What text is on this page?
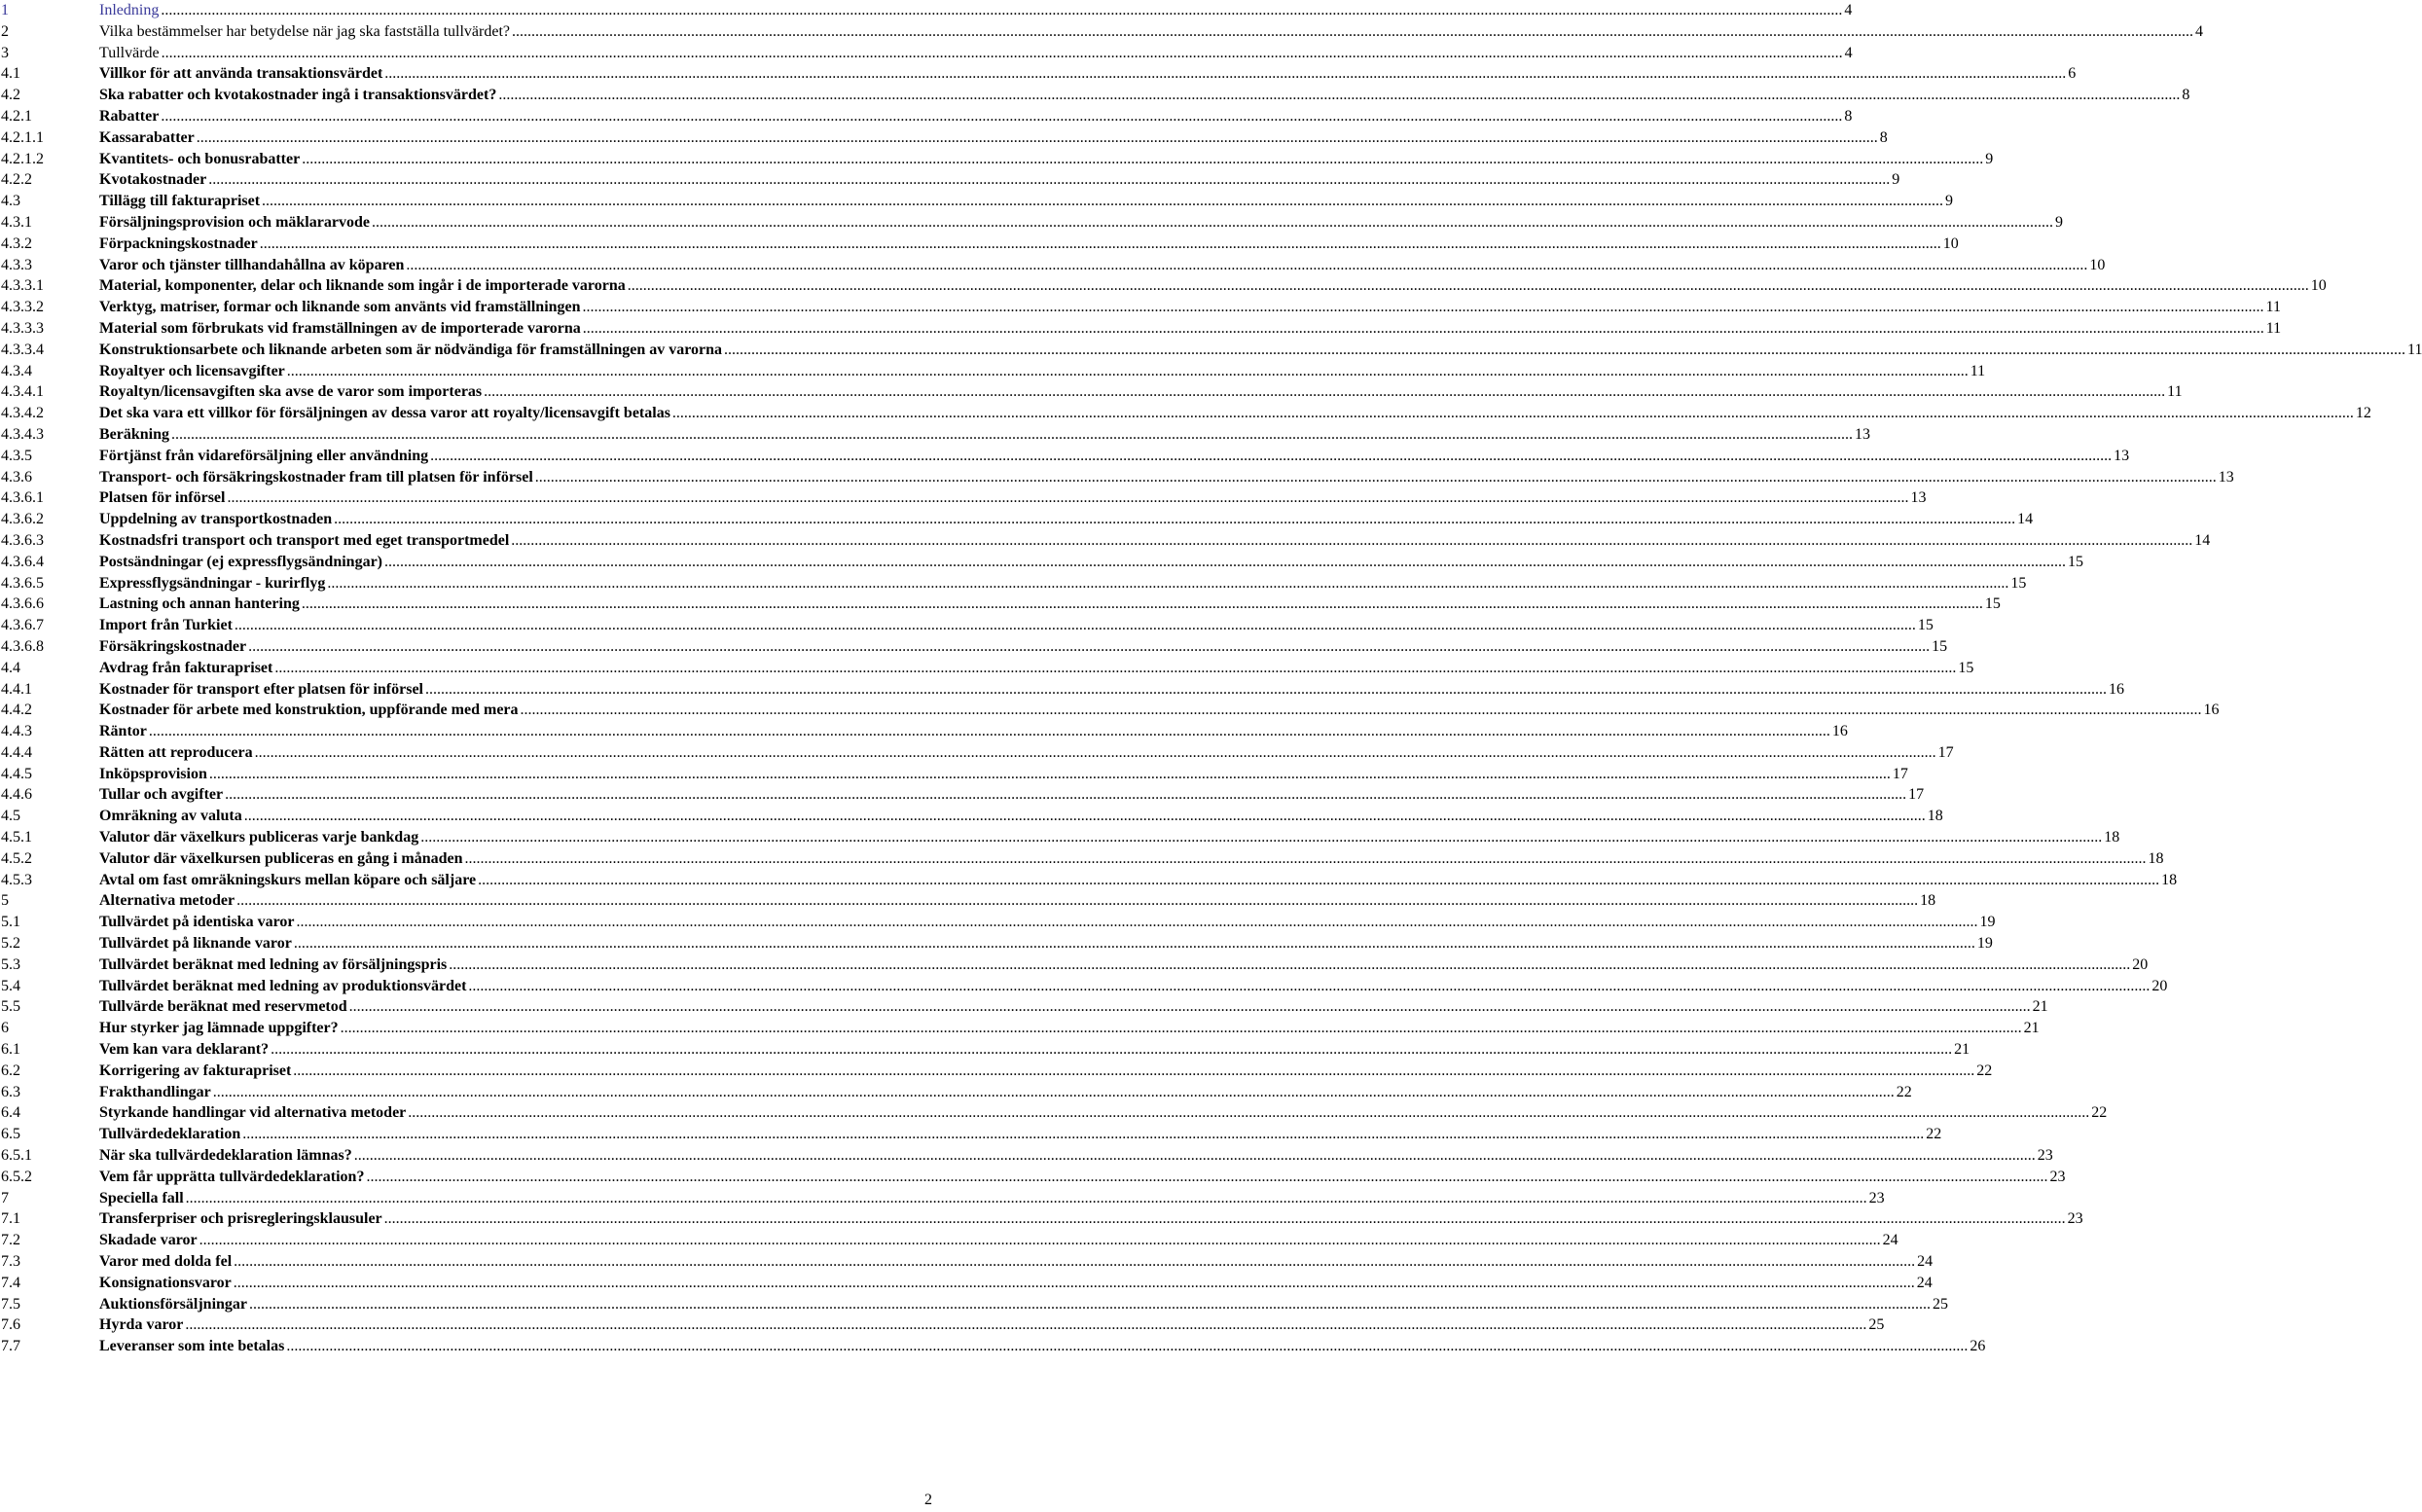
1	Inledning .....	4
2	Vilka bestämmelser har betydelse när jag ska fastställa tullvärdet? .....	4
3	Tullvärde .....	4
4.1	Villkor för att använda transaktionsvärdet .....	6
4.2	Ska rabatter och kvotakostnader ingå i transaktionsvärdet? .....	8
4.2.1	Rabatter .....	8
4.2.1.1	Kassarabatter .....	8
4.2.1.2	Kvantitets- och bonusrabatter .....	9
4.2.2	Kvotakostnader .....	9
4.3	Tillägg till fakturapriset .....	9
4.3.1	Försäljningsprovision och mäklararvode .....	9
4.3.2	Förpackningskostnader .....	10
4.3.3	Varor och tjänster tillhandahållna av köparen .....	10
4.3.3.1	Material, komponenter, delar och liknande som ingår i de importerade varorna .....	10
4.3.3.2	Verktyg, matriser, formar och liknande som använts vid framställningen .....	11
4.3.3.3	Material som förbrukats vid framställningen av de importerade varorna .....	11
4.3.3.4	Konstruktionsarbete och liknande arbeten som är nödvändiga för framställningen av varorna .....	11
4.3.4	Royaltyer och licensavgifter .....	11
4.3.4.1	Royaltyn/licensavgiften ska avse de varor som importeras .....	11
4.3.4.2	Det ska vara ett villkor för försäljningen av dessa varor att royalty/licensavgift betalas .....	12
4.3.4.3	Beräkning .....	13
4.3.5	Förtjänst från vidareförsäljning eller användning .....	13
4.3.6	Transport- och försäkringskostnader fram till platsen för införsel .....	13
4.3.6.1	Platsen för införsel .....	13
4.3.6.2	Uppdelning av transportkostnaden .....	14
4.3.6.3	Kostnadsfri transport och transport med eget transportmedel .....	14
4.3.6.4	Postsändningar (ej expressflygsändningar) .....	15
4.3.6.5	Expressflygsändningar - kurirflyg .....	15
4.3.6.6	Lastning och annan hantering .....	15
4.3.6.7	Import från Turkiet .....	15
4.3.6.8	Försäkringskostnader .....	15
4.4	Avdrag från fakturapriset .....	15
4.4.1	Kostnader för transport efter platsen för införsel .....	16
4.4.2	Kostnader för arbete med konstruktion, uppförande med mera .....	16
4.4.3	Räntor .....	16
4.4.4	Rätten att reproducera .....	17
4.4.5	Inköpsprovision .....	17
4.4.6	Tullar och avgifter .....	17
4.5	Omräkning av valuta .....	18
4.5.1	Valutor där växelkurs publiceras varje bankdag .....	18
4.5.2	Valutor där växelkursen publiceras en gång i månaden .....	18
4.5.3	Avtal om fast omräkningskurs mellan köpare och säljare .....	18
5	Alternativa metoder .....	18
5.1	Tullvärdet på identiska varor .....	19
5.2	Tullvärdet på liknande varor .....	19
5.3	Tullvärdet beräknat med ledning av försäljningspris .....	20
5.4	Tullvärdet beräknat med ledning av produktionsvärdet .....	20
5.5	Tullvärde beräknat med reservmetod .....	21
6	Hur styrker jag lämnade uppgifter? .....	21
6.1	Vem kan vara deklarant? .....	21
6.2	Korrigering av fakturapriset .....	22
6.3	Frakthandlingar .....	22
6.4	Styrkande handlingar vid alternativa metoder .....	22
6.5	Tullvärdedeklaration .....	22
6.5.1	När ska tullvärdedeklaration lämnas? .....	23
6.5.2	Vem får upprätta tullvärdedeklaration? .....	23
7	Speciella fall .....	23
7.1	Transferpriser och prisregleringsklausuler .....	23
7.2	Skadade varor .....	24
7.3	Varor med dolda fel .....	24
7.4	Konsignationsvaror .....	24
7.5	Auktionsförsäljningar .....	25
7.6	Hyrda varor .....	25
7.7	Leveranser som inte betalas .....	26
2
